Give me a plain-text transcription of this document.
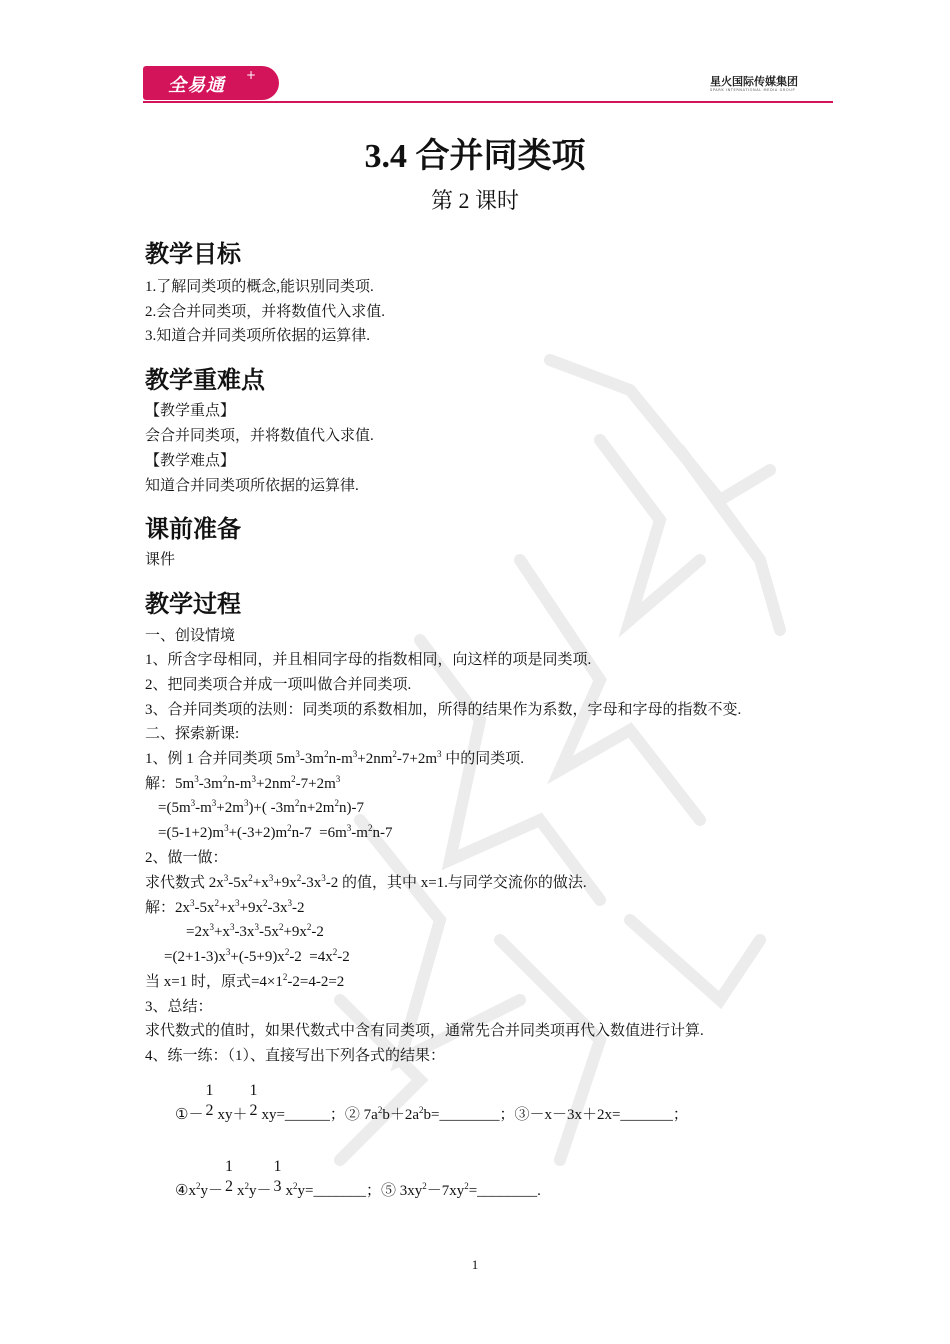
全易通 +	星火国际传媒集团
SPARK INTERNATIONAL MEDIA GROUP
3.4 合并同类项
第 2 课时
教学目标
1.了解同类项的概念,能识别同类项.
2.会合并同类项，并将数值代入求值.
3.知道合并同类项所依据的运算律.
教学重难点
【教学重点】
会合并同类项，并将数值代入求值.
【教学难点】
知道合并同类项所依据的运算律.
课前准备
课件
教学过程
一、创设情境
1、所含字母相同，并且相同字母的指数相同，向这样的项是同类项.
2、把同类项合并成一项叫做合并同类项.
3、合并同类项的法则：同类项的系数相加，所得的结果作为系数，字母和字母的指数不变.
二、探索新课:
1、例 1 合并同类项 $5m^3-3m^2n-m^3+2nm^2-7+2m^3$ 中的同类项.
解：$5m^3-3m^2n-m^3+2nm^2-7+2m^3$
$=(5m^3-m^3+2m^3)+$( $-3m^2n+2m^2n)-7$
$=(5-1+2)m^3+(-3+2)m^2n-7 =6m^3-m^2n-7$
2、做一做：
求代数式 $2x^3-5x^2+x^3+9x^2-3x^3-2$ 的值，其中 x=1.与同学交流你的做法.
解：$2x^3-5x^2+x^3+9x^2-3x^3-2$
$=2x^3+x^3-3x^3-5x^2+9x^2-2$
$=(2+1-3)x^3+(-5+9)x^2-2 =4x^2-2$
当 x=1 时，原式$=4\times 1^2-2=4-2=2$
3、总结：
求代数式的值时，如果代数式中含有同类项，通常先合并同类项再代入数值进行计算.
4、练一练：（1）、直接写出下列各式的结果：
①－
1
2 xy＋
1
2 xy=______；② $7a^2b+2a^2b=\_\_\_\_\_\_\_\_$；③－x－3x＋2x=_______；
$④x^2y-$
1
2 $x^2y-$
1
3 $x^2y=\_\_\_\_\_\_\_$；⑤ $3xy^2-7xy^2=\_\_\_\_\_\_\_\_$.
1
